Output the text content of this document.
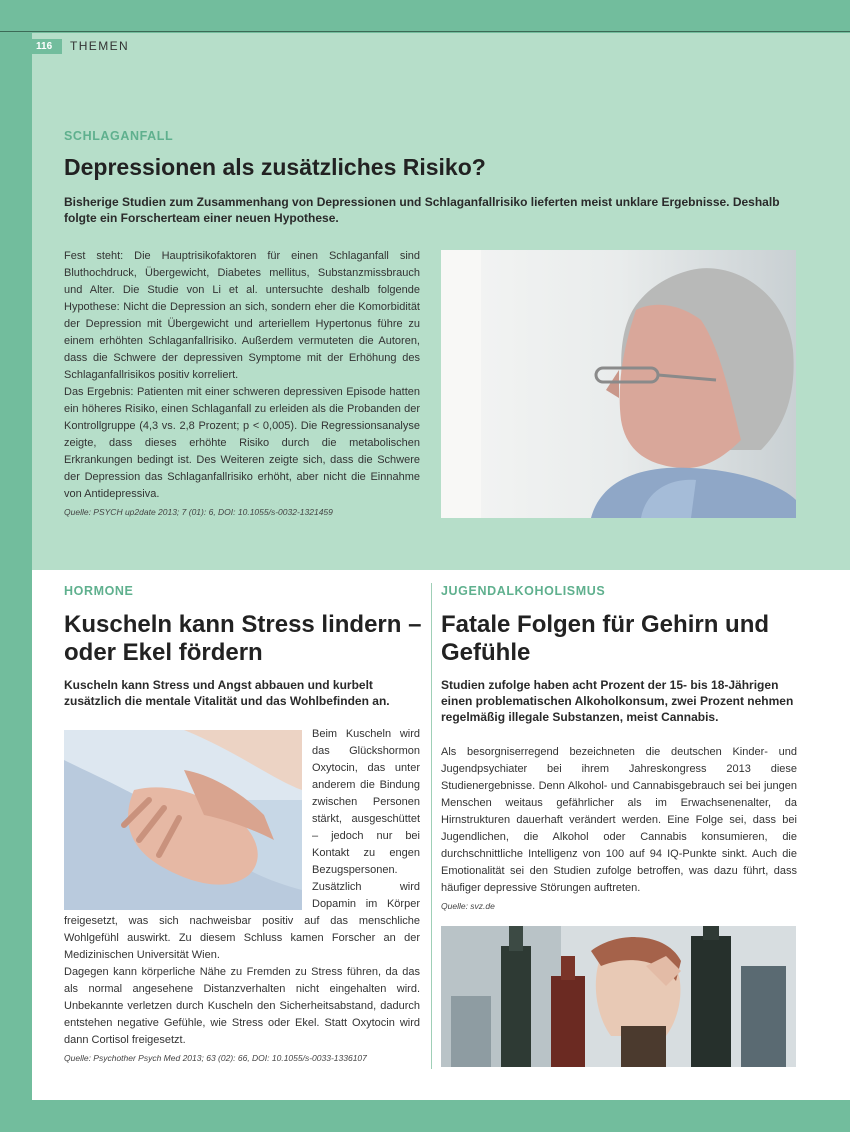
116	THEMEN
SCHLAGANFALL
Depressionen als zusätzliches Risiko?
Bisherige Studien zum Zusammenhang von Depressionen und Schlaganfallrisiko lieferten meist unklare Ergebnisse. Deshalb folgte ein Forscherteam einer neuen Hypothese.

Fest steht: Die Hauptrisikofaktoren für einen Schlaganfall sind Bluthochdruck, Übergewicht, Diabetes mellitus, Substanzmissbrauch und Alter. Die Studie von Li et al. untersuchte deshalb folgende Hypothese: Nicht die Depression an sich, sondern eher die Komorbidität der Depression mit Übergewicht und arteriellem Hypertonus führe zu einem erhöhten Schlaganfallrisiko. Außerdem vermuteten die Autoren, dass die Schwere der depressiven Symptome mit der Erhöhung des Schlaganfallrisikos positiv korreliert.

Das Ergebnis: Patienten mit einer schweren depressiven Episode hatten ein höheres Risiko, einen Schlaganfall zu erleiden als die Probanden der Kontrollgruppe (4,3 vs. 2,8 Prozent; p < 0,005). Die Regressionsanalyse zeigte, dass dieses erhöhte Risiko durch die metabolischen Erkrankungen bedingt ist. Des Weiteren zeigte sich, dass die Schwere der Depression das Schlaganfallrisiko erhöht, aber nicht die Einnahme von Antidepressiva.

Quelle: PSYCH up2date 2013; 7 (01): 6, DOI: 10.1055/s-0032-1321459
HORMONE
Kuscheln kann Stress lindern – oder Ekel fördern
Kuscheln kann Stress und Angst abbauen und kurbelt zusätzlich die mentale Vitalität und das Wohlbefinden an.

Beim Kuscheln wird das Glückshormon Oxytocin, das unter anderem die Bindung zwischen Personen stärkt, ausgeschüttet – jedoch nur bei Kontakt zu engen Bezugspersonen. Zusätzlich wird Dopamin im Körper freigesetzt, was sich nachweisbar positiv auf das menschliche Wohlgefühl auswirkt. Zu diesem Schluss kamen Forscher an der Medizinischen Universität Wien.

Dagegen kann körperliche Nähe zu Fremden zu Stress führen, da das als normal angesehene Distanzverhalten nicht eingehalten wird. Unbekannte verletzen durch Kuscheln den Sicherheitsabstand, dadurch entstehen negative Gefühle, wie Stress oder Ekel. Statt Oxytocin wird dann Cortisol freigesetzt.

Quelle: Psychother Psych Med 2013; 63 (02): 66, DOI: 10.1055/s-0033-1336107
JUGENDALKOHOLISMUS
Fatale Folgen für Gehirn und Gefühle
Studien zufolge haben acht Prozent der 15- bis 18-Jährigen einen problematischen Alkoholkonsum, zwei Prozent nehmen regelmäßig illegale Substanzen, meist Cannabis.

Als besorgniserregend bezeichneten die deutschen Kinder- und Jugendpsychiater bei ihrem Jahreskongress 2013 diese Studienergebnisse. Denn Alkohol- und Cannabisgebrauch sei bei jungen Menschen weitaus gefährlicher als im Erwachsenenalter, da Hirnstrukturen dauerhaft verändert werden. Eine Folge sei, dass bei Jugendlichen, die Alkohol oder Cannabis konsumieren, die durchschnittliche Intelligenz von 100 auf 94 IQ-Punkte sinkt. Auch die Emotionalität sei den Studien zufolge betroffen, was dazu führt, dass häufiger depressive Störungen auftreten.

Quelle: svz.de
